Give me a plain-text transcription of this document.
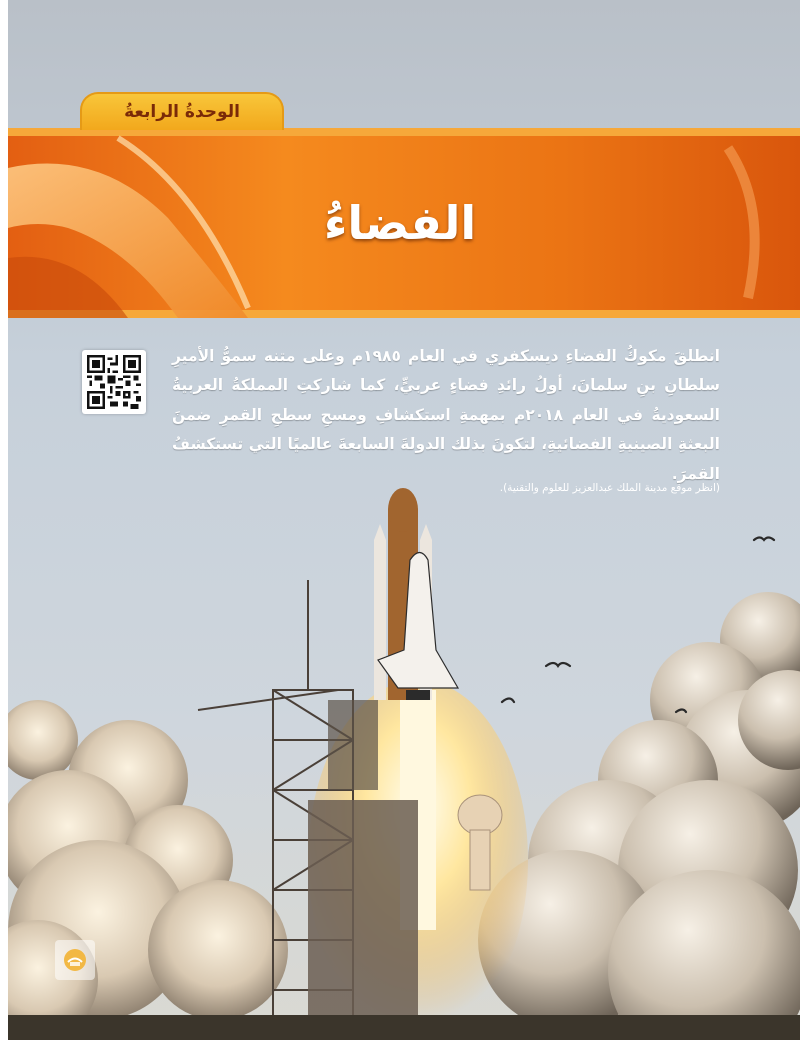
الوحدةُ الرابعةُ
الفضاءُ

انطلقَ مكوكُ الفضاءِ ديسكفري في العام ١٩٨٥م وعلى متنه سموُّ الأميرِ سلطانِ بنِ سلمانَ، أولُ رائدِ فضاءٍ عربيٍّ، كما شاركتِ المملكةُ العربيةُ السعوديةُ في العام ٢٠١٨م بمهمةِ استكشافِ ومسحِ سطحِ القمرِ ضمنَ البعثةِ الصينيةِ الفضائيةِ، لتكونَ بذلك الدولةَ السابعةَ عالميًا التي تستكشفُ القمرَ.

(انظر موقع مدينة الملك عبدالعزيز للعلوم والتقنية).
